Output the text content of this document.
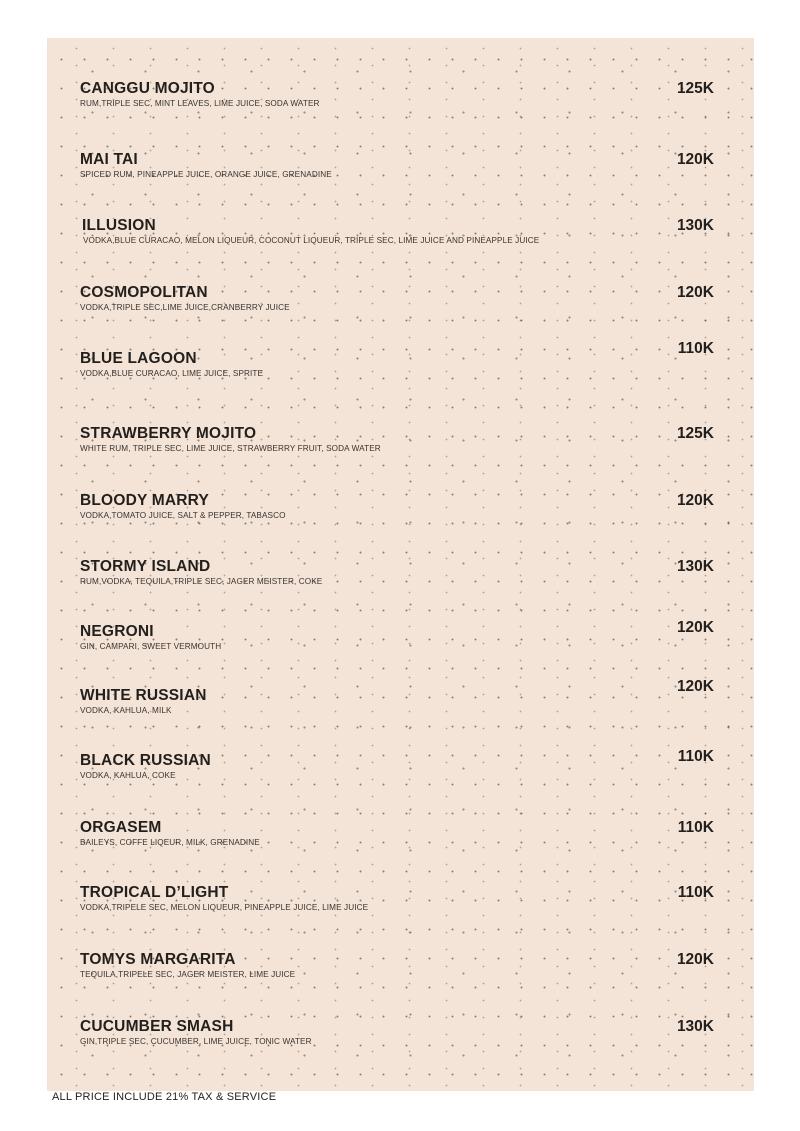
CANGGU MOJITO
RUM,TRIPLE SEC, MINT LEAVES, LIME JUICE, SODA WATER
125K
MAI TAI
SPICED RUM, PINEAPPLE JUICE, ORANGE JUICE, GRENADINE
120K
ILLUSION
VODKA,BLUE CURACAO, MELON LIQUEUR, COCONUT LIQUEUR, TRIPLE SEC, LIME JUICE AND PINEAPPLE JUICE
130K
COSMOPOLITAN
VODKA,TRIPLE SEC,LIME JUICE,CRANBERRY JUICE
120K
BLUE LAGOON
VODKA,BLUE CURACAO, LIME JUICE, SPRITE
110K
STRAWBERRY MOJITO
WHITE RUM, TRIPLE SEC, LIME JUICE, STRAWBERRY FRUIT, SODA WATER
125K
BLOODY MARRY
VODKA,TOMATO JUICE, SALT & PEPPER, TABASCO
120K
STORMY ISLAND
RUM,VODKA, TEQUILA,TRIPLE SEC, JAGER MEISTER, COKE
130K
NEGRONI
GIN, CAMPARI, SWEET VERMOUTH
120K
WHITE RUSSIAN
VODKA, KAHLUA, MILK
120K
BLACK RUSSIAN
VODKA, KAHLUA, COKE
110K
ORGASEM
BAILEYS, COFFE LIQEUR, MILK, GRENADINE
110K
TROPICAL D’LIGHT
VODKA,TRIPELE SEC, MELON LIQUEUR, PINEAPPLE JUICE, LIME JUICE
110K
TOMYS MARGARITA
TEQUILA,TRIPELE SEC, JAGER MEISTER, LIME JUICE
120K
CUCUMBER SMASH
GIN,TRIPLE SEC, CUCUMBER, LIME JUICE, TONIC WATER
130K
ALL PRICE INCLUDE 21% TAX & SERVICE
